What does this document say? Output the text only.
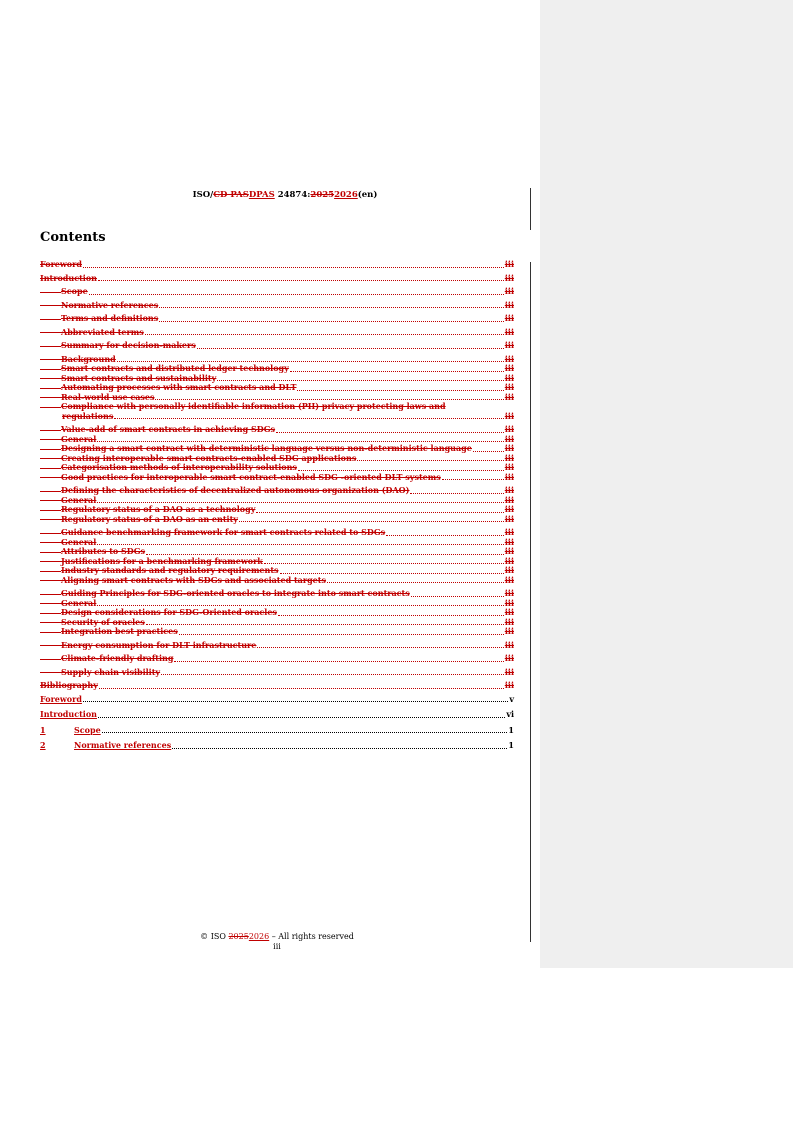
ISO/CD PASDPAS 24874:20252026(en)
Contents
Foreword	iii
Introduction	iii
Scope	iii
Normative references	iii
Terms and definitions	iii
Abbreviated terms	iii
Summary for decision-makers	iii
Background	iii
Smart contracts and distributed ledger technology	iii
Smart contracts and sustainability	iii
Automating processes with smart contracts and DLT	iii
Real-world use cases	iii
Compliance with personally identifiable information (PII) privacy protecting laws and
regulations	iii
Value-add of smart contracts in achieving SDGs	iii
General	iii
Designing a smart contract with deterministic language versus non-deterministic language	iii
Creating interoperable smart contracts-enabled SDG applications	iii
Categorisation methods of interoperability solutions	iii
Good practices for interoperable smart contract-enabled SDG -oriented DLT systems	iii
Defining the characteristics of decentralized autonomous organization (DAO)	iii
General	iii
Regulatory status of a DAO as a technology	iii
Regulatory status of a DAO as an entity	iii
Guidance benchmarking framework for smart contracts related to SDGs	iii
General	iii
Attributes to SDGs	iii
Justifications for a benchmarking framework	iii
Industry standards and regulatory requirements	iii
Aligning smart contracts with SDGs and associated targets	iii
Guiding Principles for SDG-oriented oracles to integrate into smart contracts	iii
General	iii
Design considerations for SDG-Oriented oracles	iii
Security of oracles	iii
Integration best practices	iii
Energy consumption for DLT infrastructure	iii
Climate-friendly drafting	iii
Supply chain visibility	iii
Bibliography	iii
Foreword	v
Introduction	vi
1	Scope	1
2	Normative references	1
© ISO 20252026 – All rights reserved
iii
